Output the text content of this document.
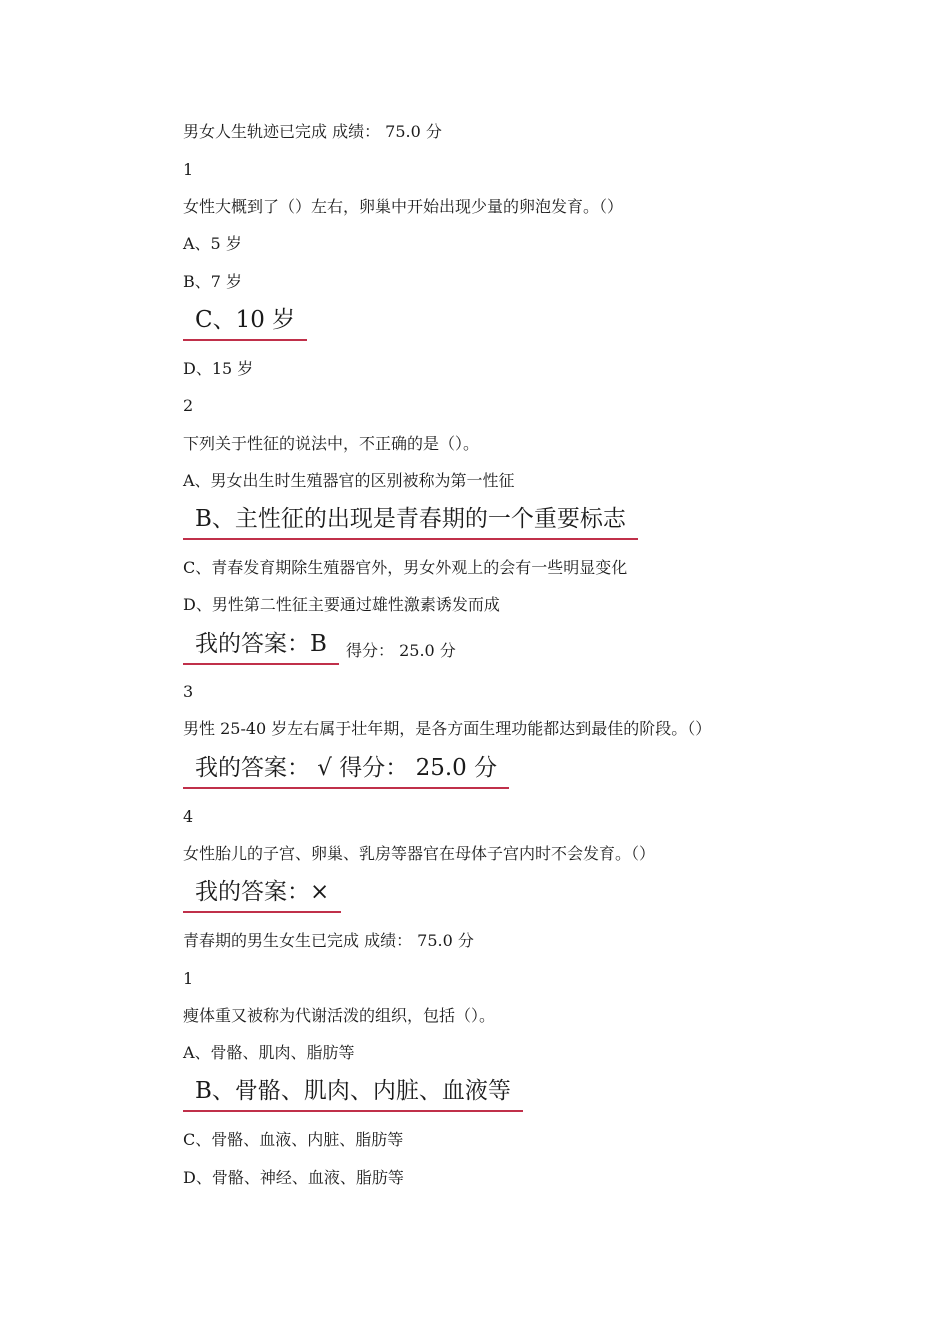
男女人生轨迹已完成 成绩： 75.0 分
1
女性大概到了（）左右，卵巢中开始出现少量的卵泡发育。（）
A、5 岁
B、7 岁
C、10 岁
D、15 岁
2
下列关于性征的说法中，不正确的是（）。
A、男女出生时生殖器官的区别被称为第一性征
B、主性征的出现是青春期的一个重要标志
C、青春发育期除生殖器官外，男女外观上的会有一些明显变化
D、男性第二性征主要通过雄性激素诱发而成
我的答案：B	得分： 25.0 分
3
男性 25-40 岁左右属于壮年期，是各方面生理功能都达到最佳的阶段。（）
我的答案： √ 得分： 25.0 分
4
女性胎儿的子宫、卵巢、乳房等器官在母体子宫内时不会发育。（）
我的答案：×
青春期的男生女生已完成 成绩： 75.0 分
1
瘦体重又被称为代谢活泼的组织，包括（）。
A、骨骼、肌肉、脂肪等
B、骨骼、肌肉、内脏、血液等
C、骨骼、血液、内脏、脂肪等
D、骨骼、神经、血液、脂肪等
